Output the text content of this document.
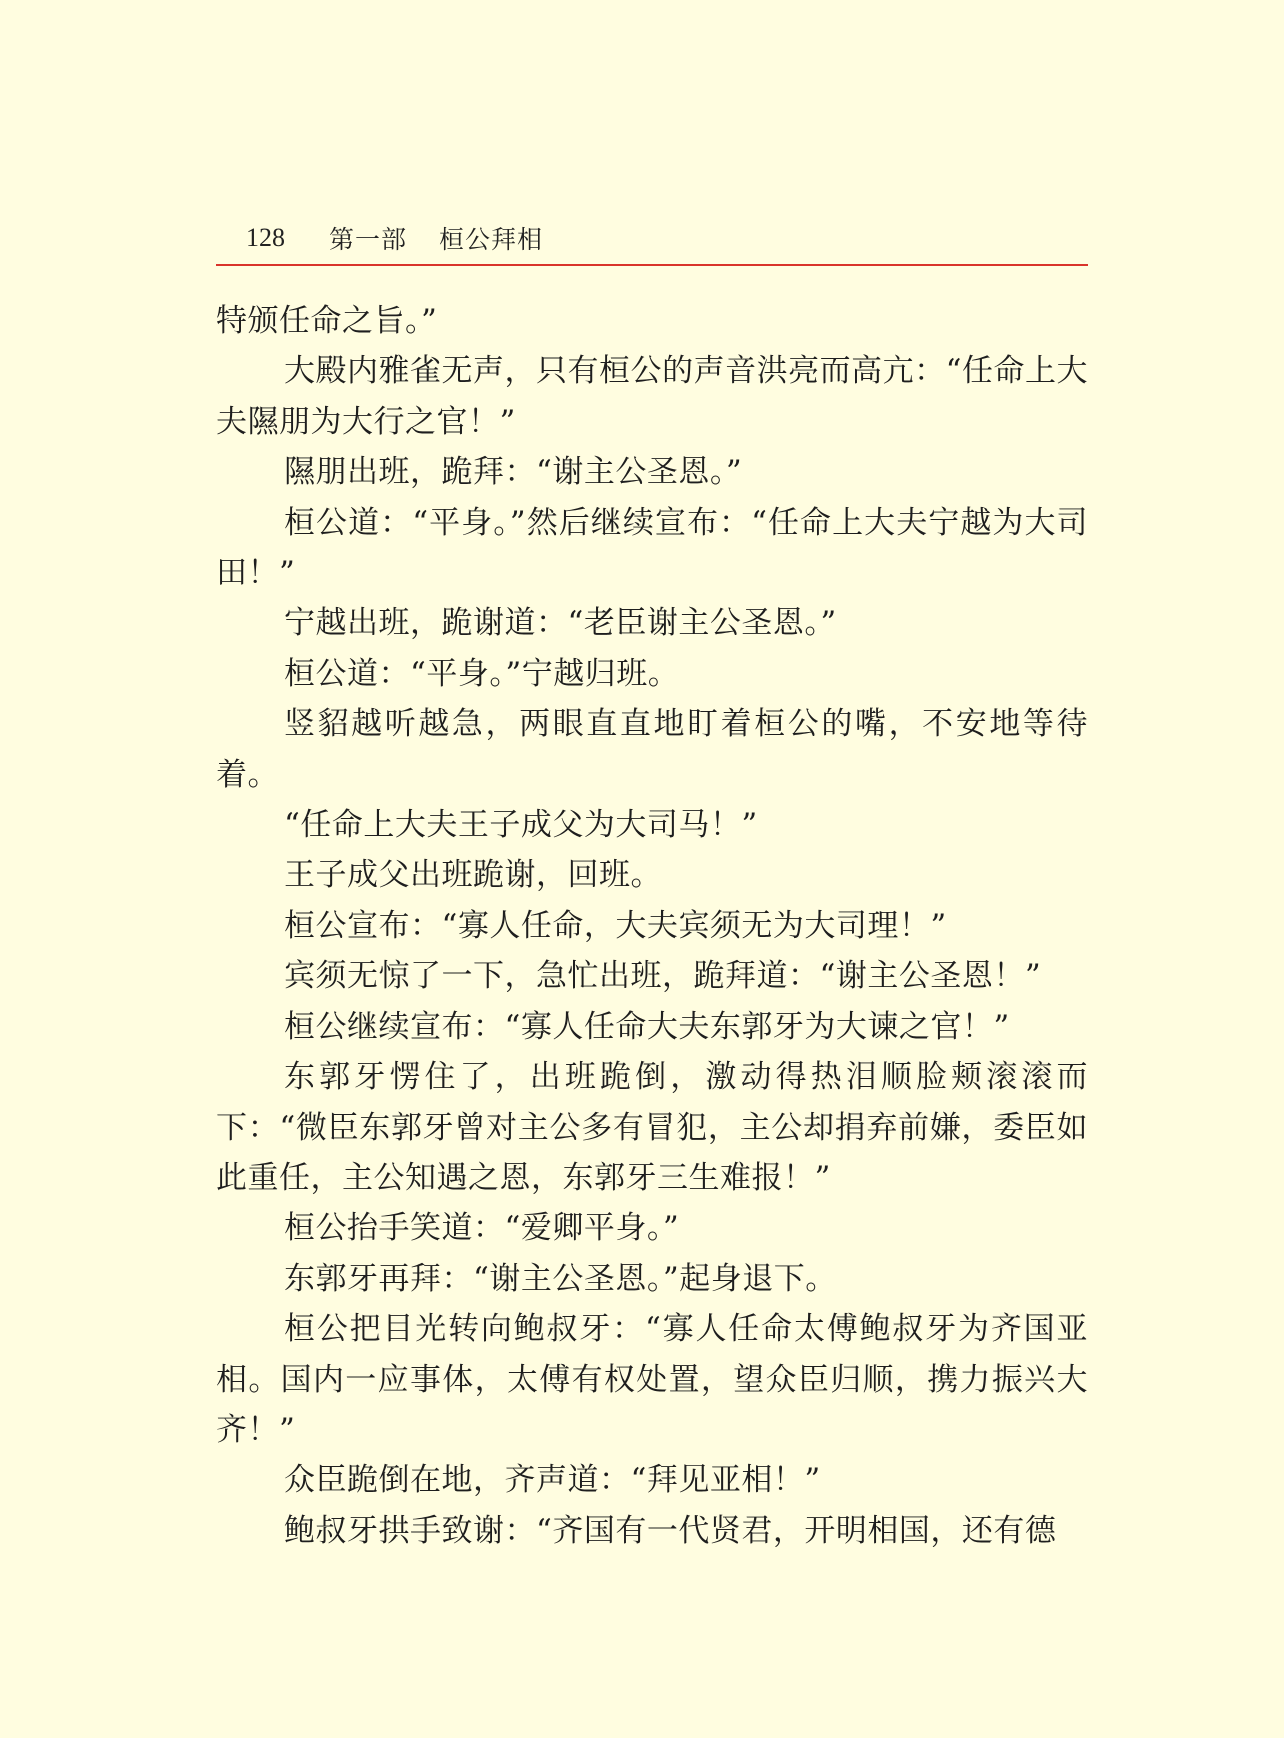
128 第一部 桓公拜相

特颁任命之旨。”

大殿内雅雀无声，只有桓公的声音洪亮而高亢：“任命上大夫隰朋为大行之官！”

隰朋出班，跪拜：“谢主公圣恩。”

桓公道：“平身。”然后继续宣布：“任命上大夫宁越为大司田！”

宁越出班，跪谢道：“老臣谢主公圣恩。”

桓公道：“平身。”宁越归班。

竖貂越听越急，两眼直直地盯着桓公的嘴，不安地等待着。

“任命上大夫王子成父为大司马！”

王子成父出班跪谢，回班。

桓公宣布：“寡人任命，大夫宾须无为大司理！”

宾须无惊了一下，急忙出班，跪拜道：“谢主公圣恩！”

桓公继续宣布：“寡人任命大夫东郭牙为大谏之官！”

东郭牙愣住了，出班跪倒，激动得热泪顺脸颊滚滚而下：“微臣东郭牙曾对主公多有冒犯，主公却捐弃前嫌，委臣如此重任，主公知遇之恩，东郭牙三生难报！”

桓公抬手笑道：“爱卿平身。”

东郭牙再拜：“谢主公圣恩。”起身退下。

桓公把目光转向鲍叔牙：“寡人任命太傅鲍叔牙为齐国亚相。国内一应事体，太傅有权处置，望众臣归顺，携力振兴大齐！”

众臣跪倒在地，齐声道：“拜见亚相！”

鲍叔牙拱手致谢：“齐国有一代贤君，开明相国，还有德
